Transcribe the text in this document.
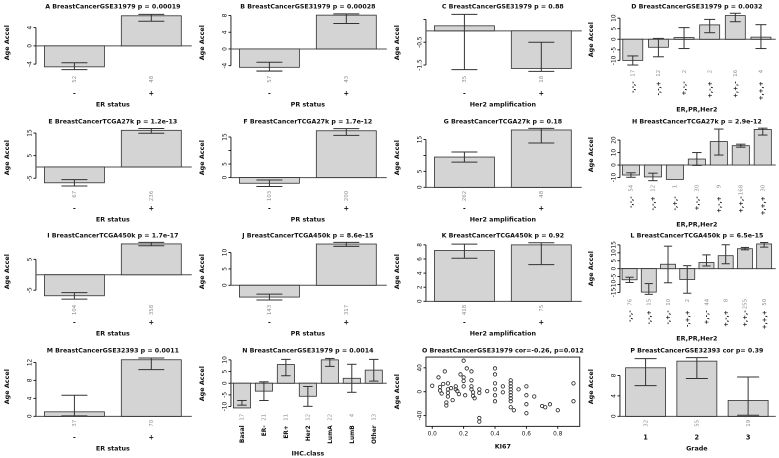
A BreastCancerGSE31979 p = 0.00019
Age Accel
-4
0
4
52
-
48
+
ER status
B BreastCancerGSE31979 p = 0.00028
Age Accel
-4
0
4
8
57
-
43
+
PR status
C BreastCancerGSE31979 p = 0.88
Age Accel	-0.5
-1.5
35
-
18
+
Her2 amplification
D BreastCancerGSE31979 p = 0.0032
Age Accel
-10
-5
0
5
10
17
-,-,-
12
-,-,+
2
+,-,-
2
+,-,+
16
+,+,-
4
+,+,+
ER,PR,Her2
E BreastCancerTCGA27k p = 1.2e-13
Age Accel
-5
5
15
67
-
236
+
ER status
F BreastCancerTCGA27k p = 1.7e-12
Age Accel
0
5
15
103
-
200
+
PR status
G BreastCancerTCGA27k p = 0.18
Age Accel
0
5
15
262
-
48
+
Her2 amplification
H BreastCancerTCGA27k p = 2.9e-12
Age Accel
-10
0
10
20
54
-,-,-
12
-,-,+
1
-,+,-
30
+,-,-
9
+,-,+
168
+,+,-
30
+,+,+
ER,PR,Her2
I BreastCancerTCGA450k p = 1.7e-17
Age Accel
-5
5
104
-
358
+
ER status
J BreastCancerTCGA450k p = 8.6e-15
Age Accel	0
5
10
143
-
317
+
PR status
K BreastCancerTCGA450k p = 0.92
Age Accel
0
2
4
6
8
418
-
75
+
Her2 amplification
L BreastCancerTCGA450k p = 6.5e-15
Age Accel
-15
-10
-5
0
5
10
15
76
-,-,-
15
-,-,+
10
-,+,-
2
-,+,+
44
+,-,-
8
+,-,+
255
+,+,-
50
+,+,+
ER,PR,Her2
M BreastCancerGSE32393 p = 0.0011
Age Accel
0
4
8
12
37
-
70
+
ER status
N BreastCancerGSE31979 p = 0.0014
Age Accel
-10
-5
0
5
10
17
Basal
21
ER-
11
ER+
12
Her2
22
LumA
4
LumB
13
Other
IHC.class
O BreastCancerGSE31979 cor=-0.26, p=0.012
Age Accel
-40
0
40
0.0	0.2	0.4	0.6	0.8
KI67
P BreastCancerGSE32393 cor p= 0.39
Age Accel
0
4
8
32
1
55
2
19
3
Grade
